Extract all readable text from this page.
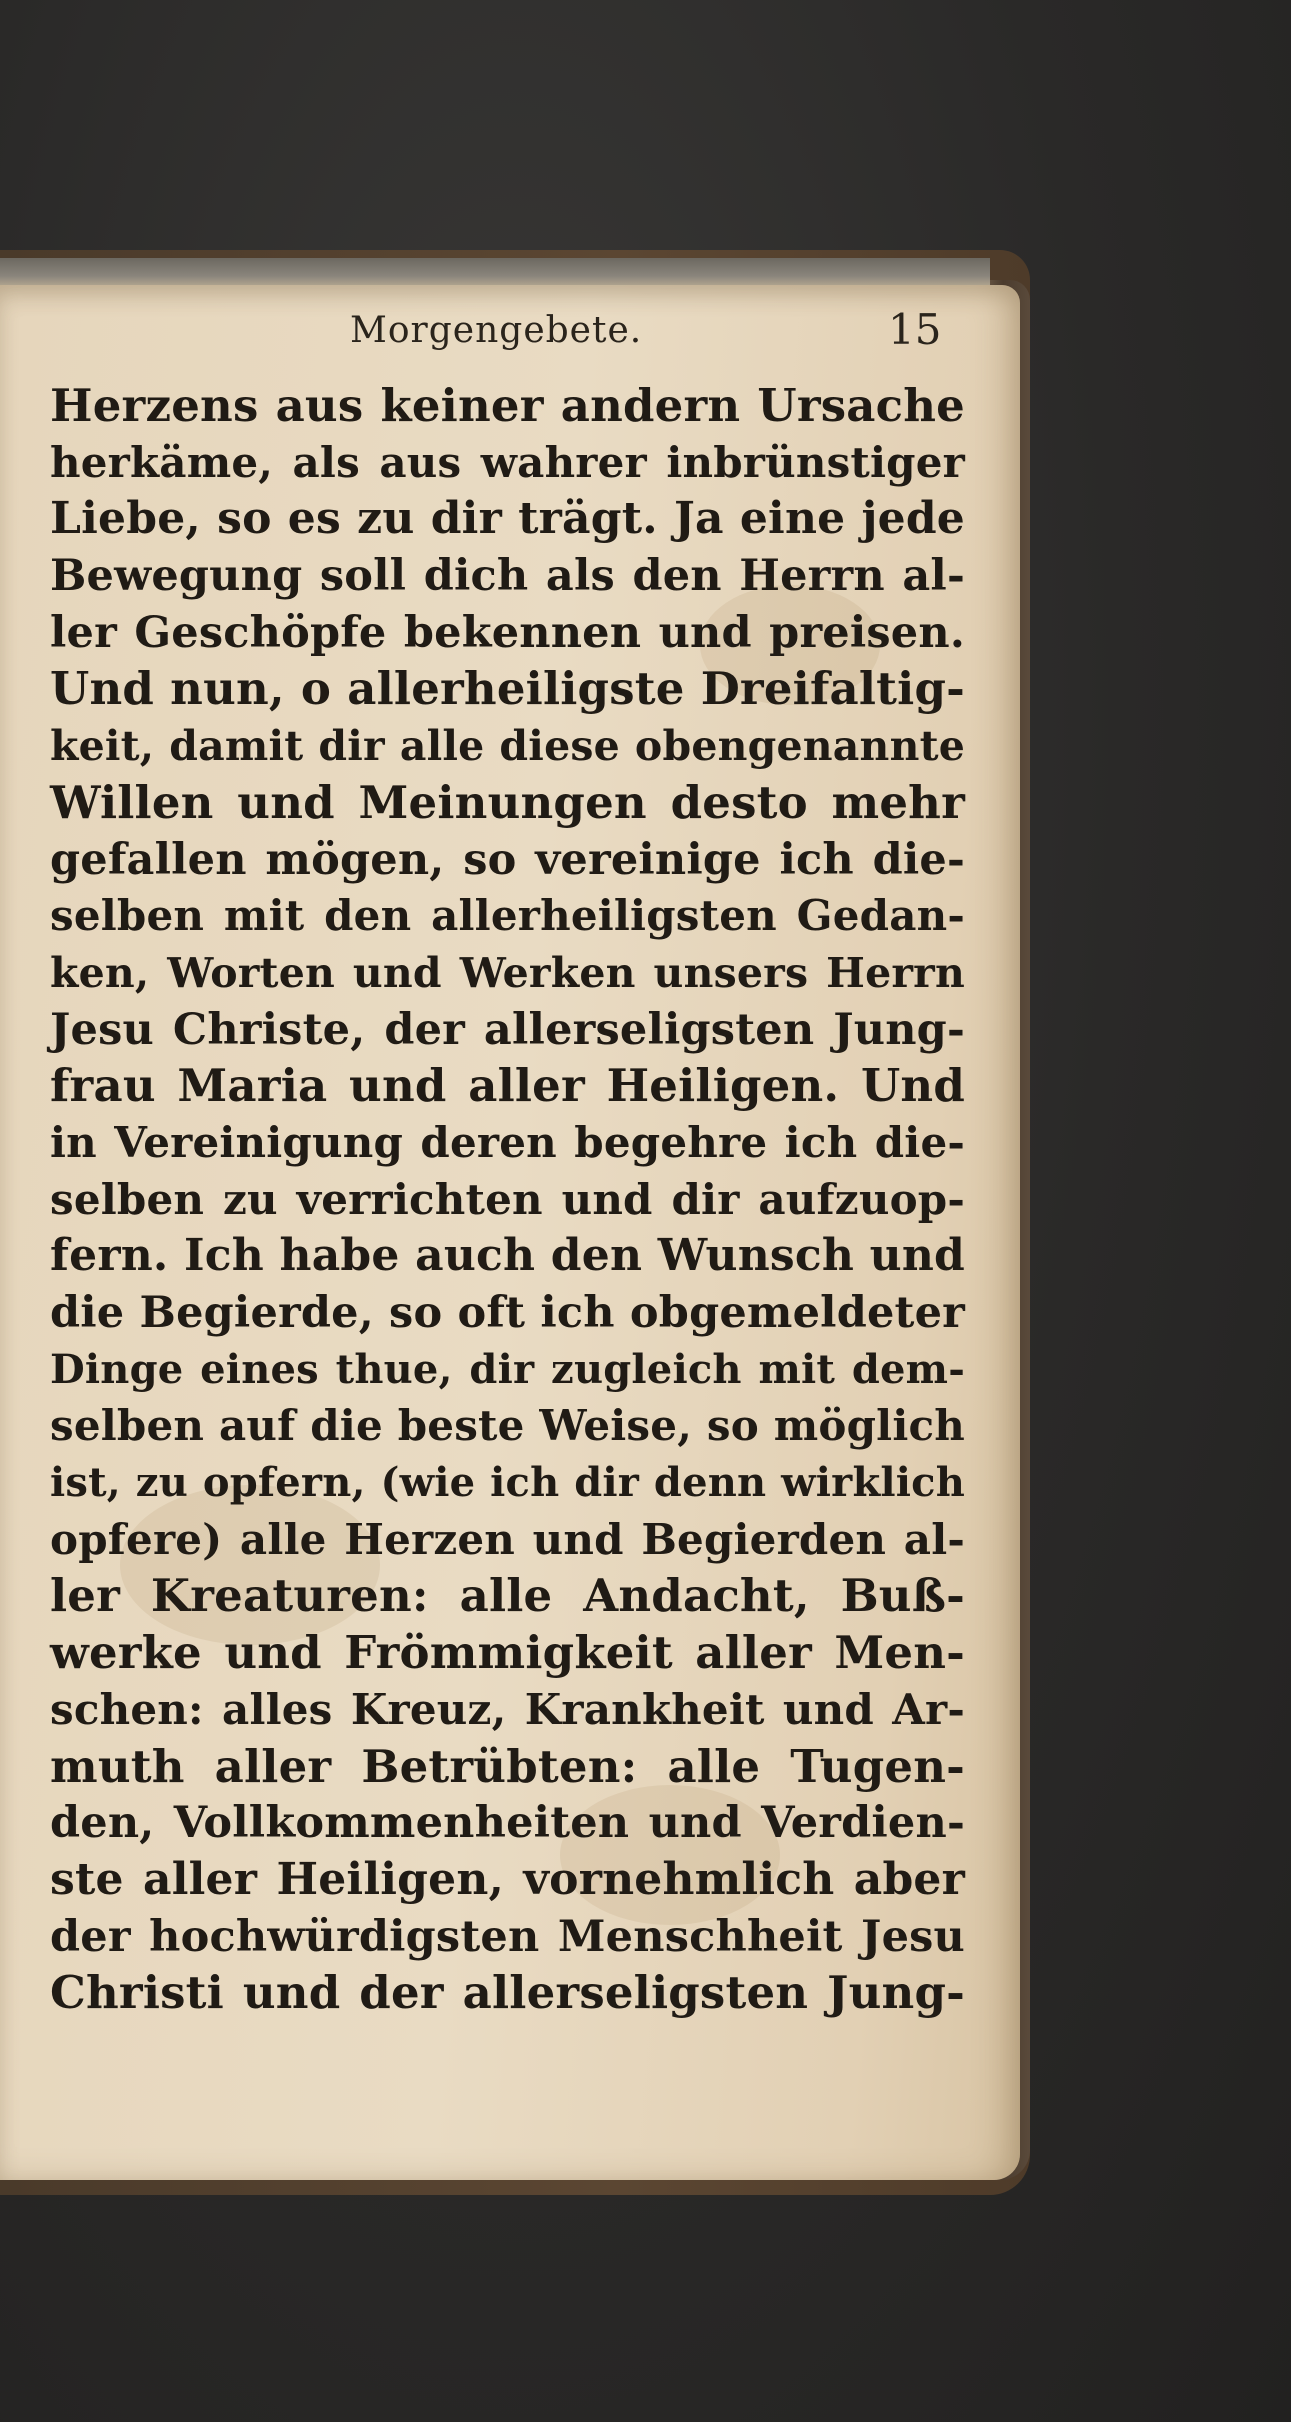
Morgengebete.	15
Herzens aus keiner andern Ursache
herkäme, als aus wahrer inbrünstiger
Liebe, so es zu dir trägt. Ja eine jede
Bewegung soll dich als den Herrn al-
ler Geschöpfe bekennen und preisen.
Und nun, o allerheiligste Dreifaltig-
keit, damit dir alle diese obengenannte
Willen und Meinungen desto mehr
gefallen mögen, so vereinige ich die-
selben mit den allerheiligsten Gedan-
ken, Worten und Werken unsers Herrn
Jesu Christe, der allerseligsten Jung-
frau Maria und aller Heiligen. Und
in Vereinigung deren begehre ich die-
selben zu verrichten und dir aufzuop-
fern. Ich habe auch den Wunsch und
die Begierde, so oft ich obgemeldeter
Dinge eines thue, dir zugleich mit dem-
selben auf die beste Weise, so möglich
ist, zu opfern, (wie ich dir denn wirklich
opfere) alle Herzen und Begierden al-
ler Kreaturen: alle Andacht, Buß-
werke und Frömmigkeit aller Men-
schen: alles Kreuz, Krankheit und Ar-
muth aller Betrübten: alle Tugen-
den, Vollkommenheiten und Verdien-
ste aller Heiligen, vornehmlich aber
der hochwürdigsten Menschheit Jesu
Christi und der allerseligsten Jung-
